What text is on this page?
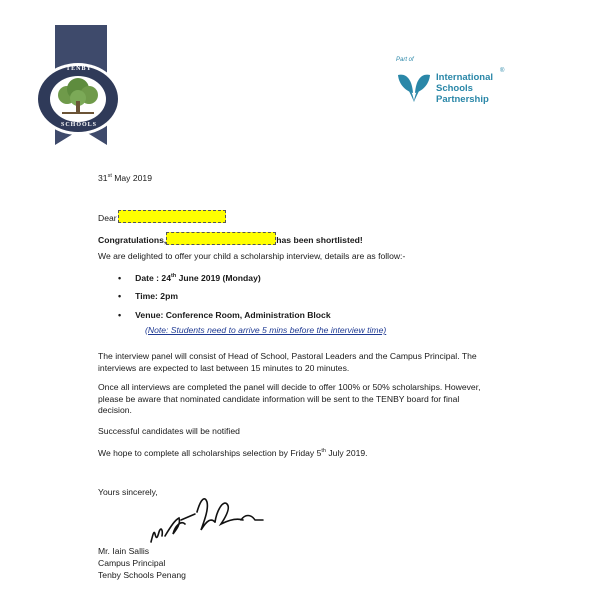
TENBY
SCHOOLS
Part of
International
®
Schools
Partnership
31st May 2019
Dear
Congratulations,	has been shortlisted!
We are delighted to offer your child a scholarship interview, details are as follow:-
• Date : 24th June 2019 (Monday)
• Time: 2pm
• Venue: Conference Room, Administration Block
(Note: Students need to arrive 5 mins before the interview time)
The interview panel will consist of Head of School, Pastoral Leaders and the Campus Principal. The interviews are expected to last between 15 minutes to 20 minutes.
Once all interviews are completed the panel will decide to offer 100% or 50% scholarships. However, please be aware that nominated candidate information will be sent to the TENBY board for final decision.
Successful candidates will be notified
We hope to complete all scholarships selection by Friday 5th July 2019.
Yours sincerely,
Mr. Iain Sallis
Campus Principal
Tenby Schools Penang
